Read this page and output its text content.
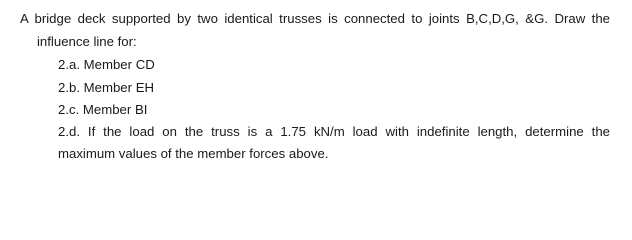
A bridge deck supported by two identical trusses is connected to joints B,C,D,G, &G. Draw the
influence line for:
2.a. Member CD
2.b. Member EH
2.c. Member BI
2.d. If the load on the truss is a 1.75 kN/m load with indefinite length, determine the
maximum values of the member forces above.
